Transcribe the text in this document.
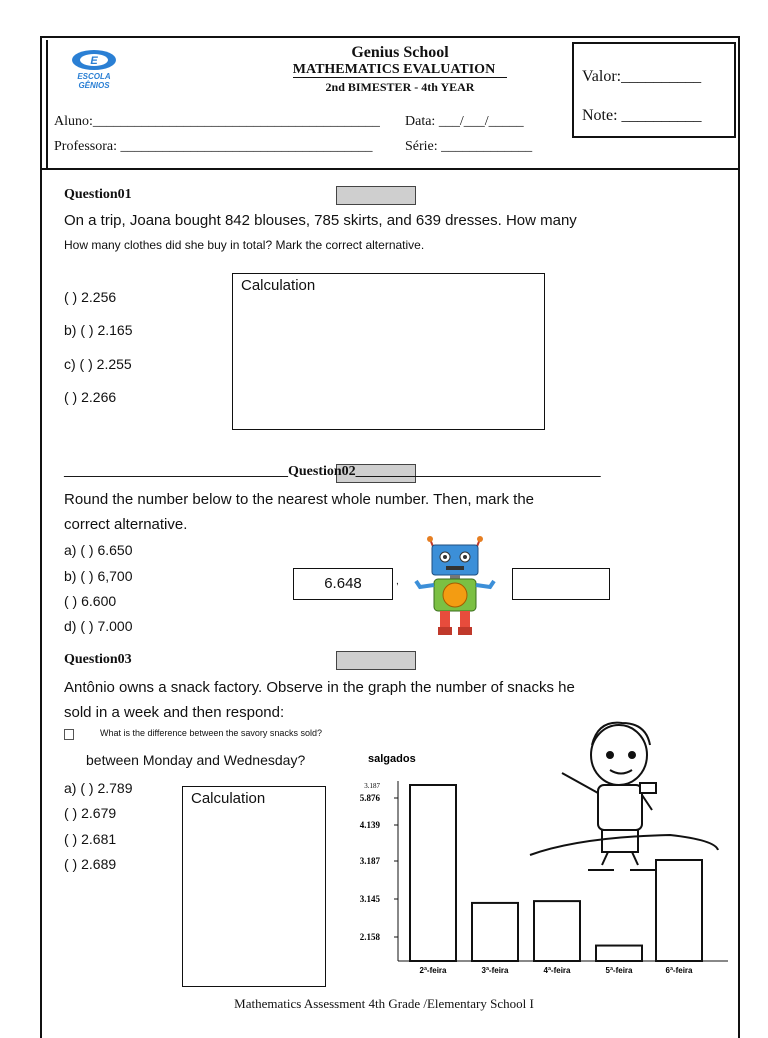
E
ESCOLA
GÊNIOS
Genius School
MATHEMATICS EVALUATION
2nd BIMESTER - 4th YEAR
Valor:__________
Note: __________
Aluno:_________________________________________ Data: ___/___/_____
Professora: ____________________________________ Série: _____________
Question01
On a trip, Joana bought 842 blouses, 785 skirts, and 639 dresses. How many
How many clothes did she buy in total? Mark the correct alternative.
( ) 2.256
b) ( ) 2.165
c) ( ) 2.255
( ) 2.266
Calculation
________________________________Question02___________________________________
Round the number below to the nearest whole number. Then, mark the
correct alternative.
a) ( ) 6.650
b) ( ) 6,700
( ) 6.600
d) ( ) 7.000
6.648	,
Question03
Antônio owns a snack factory. Observe in the graph the number of snacks he
sold in a week and then respond:
What is the difference between the savory snacks sold?
between Monday and Wednesday?
a) ( ) 2.789
( ) 2.679
( ) 2.681
( ) 2.689
Calculation
salgados
5.876
4.139
3.187
3.145
2.158
3.187
2ª-feira	3ª-feira	4ª-feira	5ª-feira	6ª-feira
Mathematics Assessment 4th Grade /Elementary School I
